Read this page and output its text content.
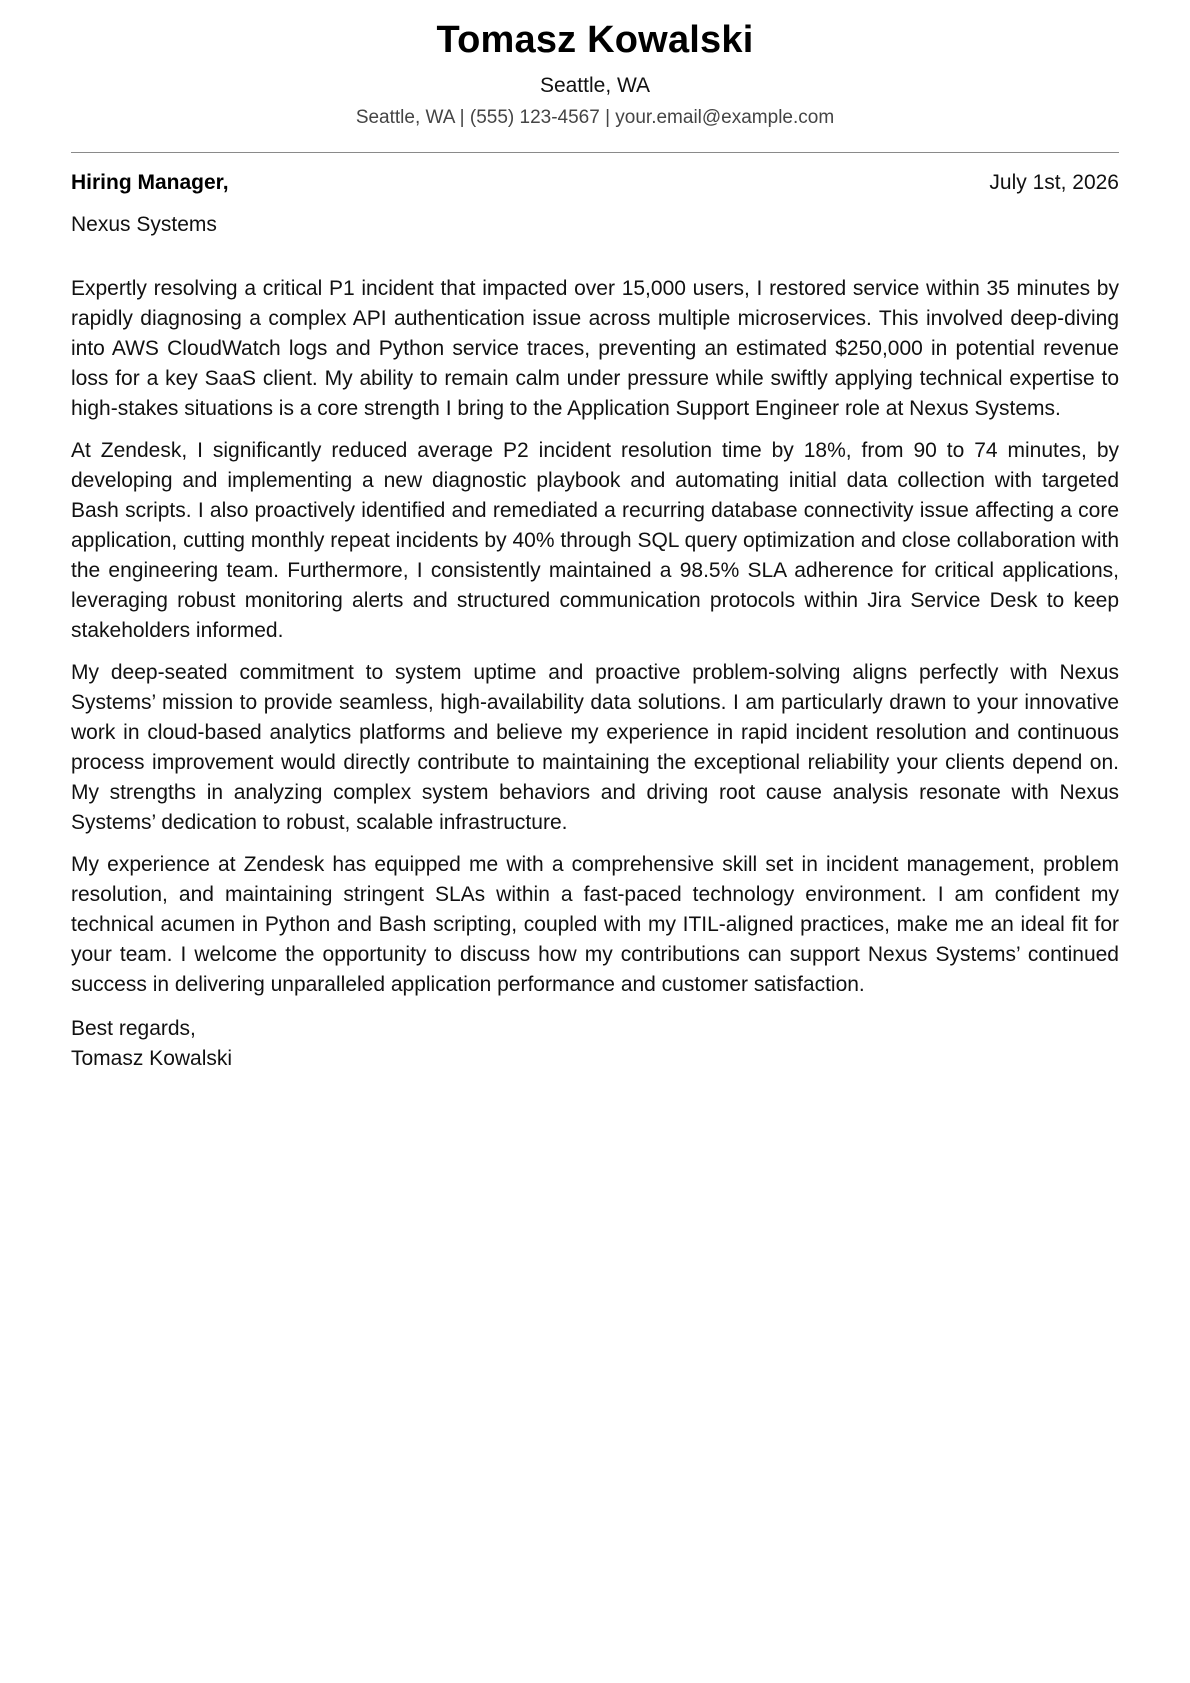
Tomasz Kowalski
Seattle, WA
Seattle, WA | (555) 123-4567 | your.email@example.com
Hiring Manager,	July 1st, 2026
Nexus Systems

Expertly resolving a critical P1 incident that impacted over 15,000 users, I restored service within 35 minutes by rapidly diagnosing a complex API authentication issue across multiple microservices. This involved deep-diving into AWS CloudWatch logs and Python service traces, preventing an estimated $250,000 in potential revenue loss for a key SaaS client. My ability to remain calm under pressure while swiftly applying technical expertise to high-stakes situations is a core strength I bring to the Application Support Engineer role at Nexus Systems.

At Zendesk, I significantly reduced average P2 incident resolution time by 18%, from 90 to 74 minutes, by developing and implementing a new diagnostic playbook and automating initial data collection with targeted Bash scripts. I also proactively identified and remediated a recurring database connectivity issue affecting a core application, cutting monthly repeat incidents by 40% through SQL query optimization and close collaboration with the engineering team. Furthermore, I consistently maintained a 98.5% SLA adherence for critical applications, leveraging robust monitoring alerts and structured communication protocols within Jira Service Desk to keep stakeholders informed.

My deep-seated commitment to system uptime and proactive problem-solving aligns perfectly with Nexus Systems’ mission to provide seamless, high-availability data solutions. I am particularly drawn to your innovative work in cloud-based analytics platforms and believe my experience in rapid incident resolution and continuous process improvement would directly contribute to maintaining the exceptional reliability your clients depend on. My strengths in analyzing complex system behaviors and driving root cause analysis resonate with Nexus Systems’ dedication to robust, scalable infrastructure.

My experience at Zendesk has equipped me with a comprehensive skill set in incident management, problem resolution, and maintaining stringent SLAs within a fast-paced technology environment. I am confident my technical acumen in Python and Bash scripting, coupled with my ITIL-aligned practices, make me an ideal fit for your team. I welcome the opportunity to discuss how my contributions can support Nexus Systems’ continued success in delivering unparalleled application performance and customer satisfaction.

Best regards,
Tomasz Kowalski
